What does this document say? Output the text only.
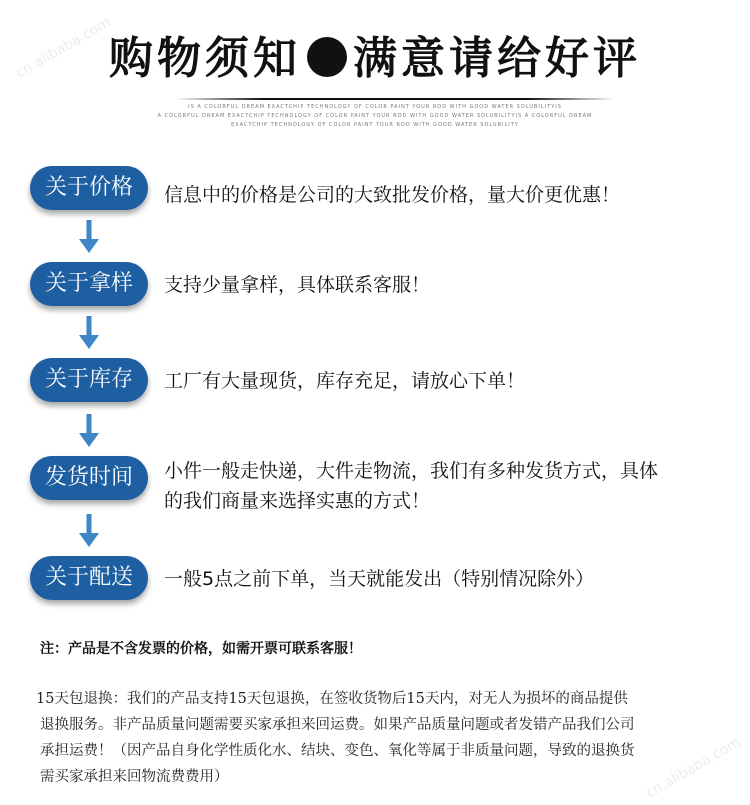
购物须知 满意请给好评
IS A COLORFUL DREAM EXACTCHIP TECHNOLOGY OF COLOR PAINT YOUR ROD WITH GOOD WATER SOLUBILITYIS
A COLORFUL DREAM EXACTCHIP TECHNOLOGY OF COLOR PAINT YOUR ROD WITH GOOD WATER SOLUBILITYIS A COLORFUL DREAM
EXACTCHIP TECHNOLOGY OF COLOR PAINT YOUR ROD WITH GOOD WATER SOLUBILITY
关于价格	信息中的价格是公司的大致批发价格，量大价更优惠！
关于拿样	支持少量拿样，具体联系客服！
关于库存	工厂有大量现货，库存充足，请放心下单！
发货时间	小件一般走快递，大件走物流，我们有多种发货方式，具体
的我们商量来选择实惠的方式！
关于配送	一般5点之前下单，当天就能发出（特别情况除外）
注：产品是不含发票的价格，如需开票可联系客服！
15天包退换：我们的产品支持15天包退换，在签收货物后15天内，对无人为损坏的商品提供
退换服务。非产品质量问题需要买家承担来回运费。如果产品质量问题或者发错产品我们公司
承担运费！（因产品自身化学性质化水、结块、变色、氧化等属于非质量问题，导致的退换货
需买家承担来回物流费费用）
cn.alibaba.com
cn.alibaba.com
